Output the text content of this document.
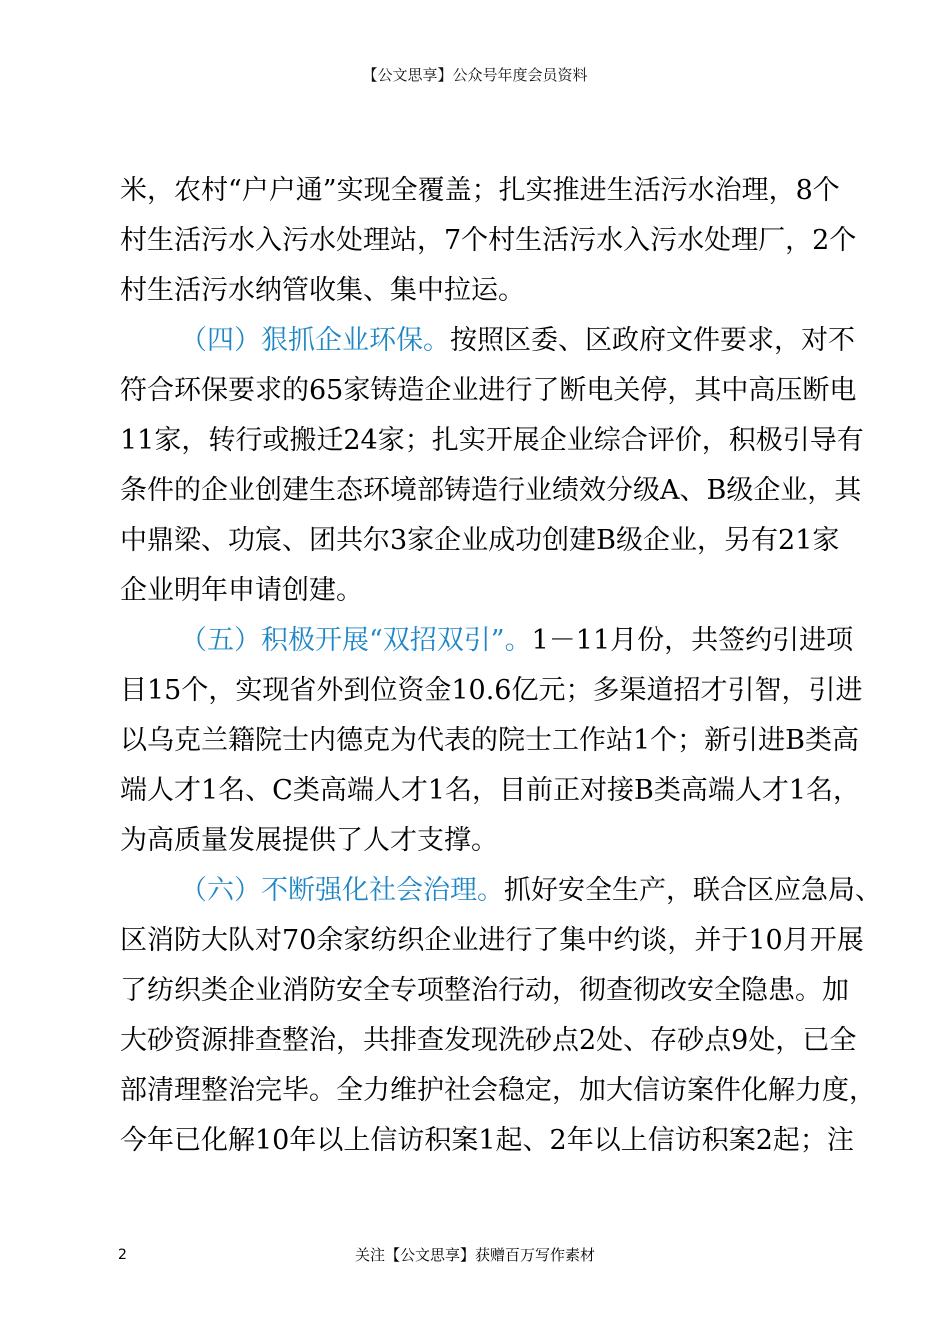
【公文思享】公众号年度会员资料
米，农村“户户通”实现全覆盖；扎实推进生活污水治理，8个
村生活污水入污水处理站，7个村生活污水入污水处理厂，2个
村生活污水纳管收集、集中拉运。
（四）狠抓企业环保。按照区委、区政府文件要求，对不
符合环保要求的65家铸造企业进行了断电关停，其中高压断电
11家，转行或搬迁24家；扎实开展企业综合评价，积极引导有
条件的企业创建生态环境部铸造行业绩效分级A、B级企业，其
中鼎梁、功宸、团共尔3家企业成功创建B级企业，另有21家
企业明年申请创建。
（五）积极开展“双招双引”。1－11月份，共签约引进项
目15个，实现省外到位资金10.6亿元；多渠道招才引智，引进
以乌克兰籍院士内德克为代表的院士工作站1个；新引进B类高
端人才1名、C类高端人才1名，目前正对接B类高端人才1名，
为高质量发展提供了人才支撑。
（六）不断强化社会治理。抓好安全生产，联合区应急局、
区消防大队对70余家纺织企业进行了集中约谈，并于10月开展
了纺织类企业消防安全专项整治行动，彻查彻改安全隐患。加
大砂资源排查整治，共排查发现洗砂点2处、存砂点9处，已全
部清理整治完毕。全力维护社会稳定，加大信访案件化解力度，
今年已化解10年以上信访积案1起、2年以上信访积案2起；注
2	关注【公文思享】获赠百万写作素材
